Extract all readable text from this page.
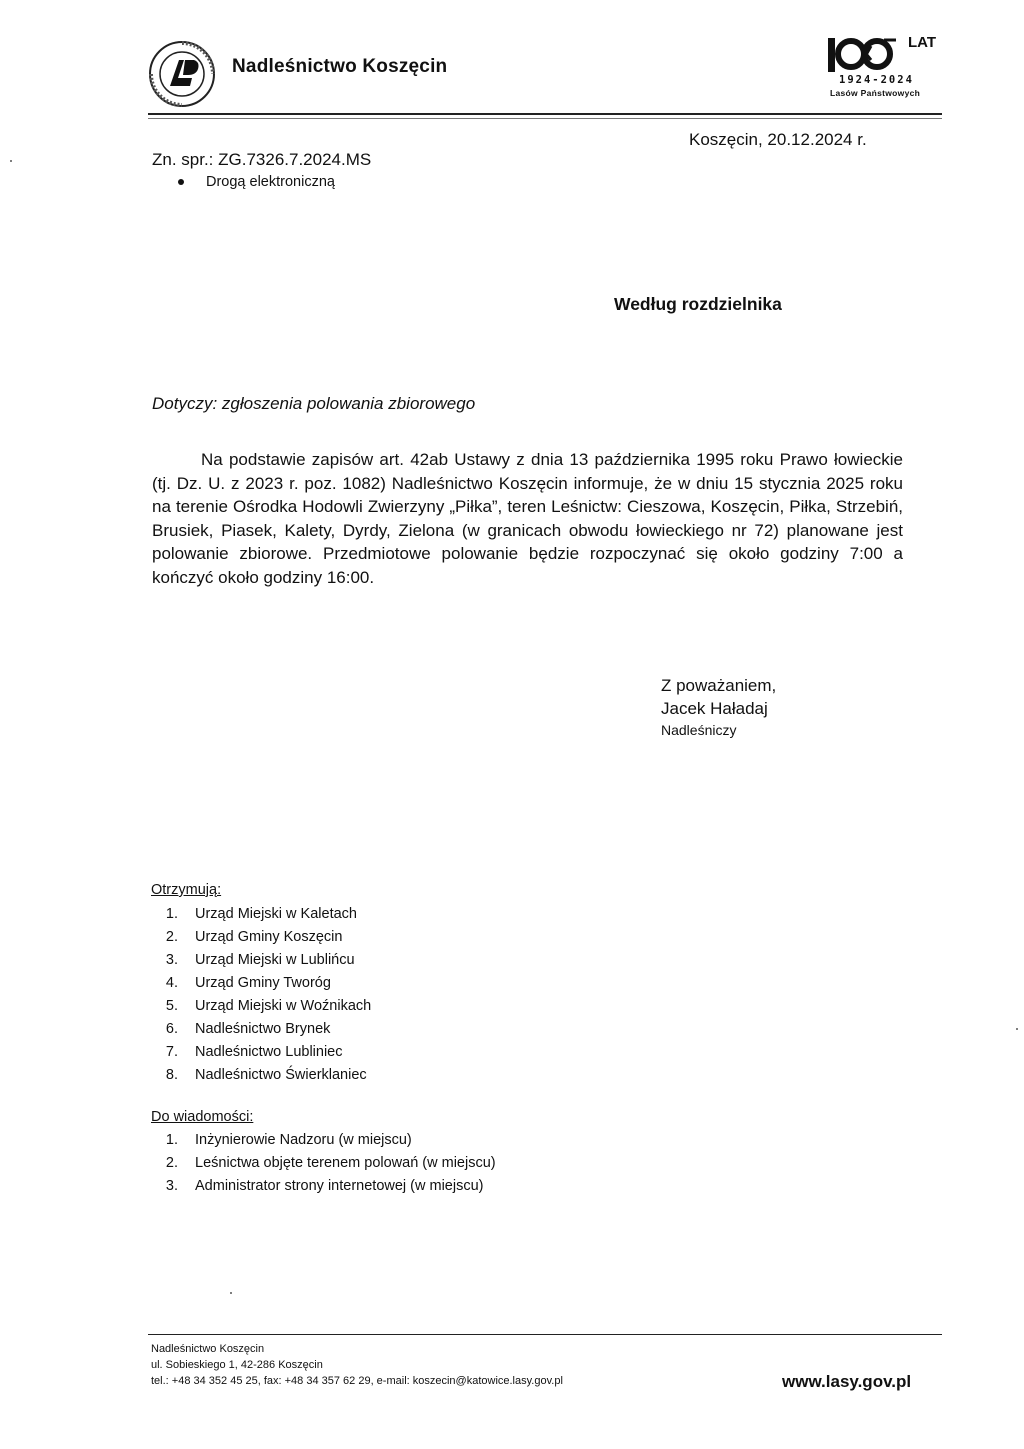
Nadleśnictwo Koszęcin
LAT
1924-2024
Lasów Państwowych
Koszęcin, 20.12.2024 r.
Zn. spr.: ZG.7326.7.2024.MS
Drogą elektroniczną
Według rozdzielnika
Dotyczy: zgłoszenia polowania zbiorowego
Na podstawie zapisów art. 42ab Ustawy z dnia 13 października 1995 roku Prawo łowieckie (tj. Dz. U. z 2023 r. poz. 1082) Nadleśnictwo Koszęcin informuje, że w dniu 15 stycznia 2025 roku na terenie Ośrodka Hodowli Zwierzyny „Piłka”, teren Leśnictw: Cieszowa, Koszęcin, Piłka, Strzebiń, Brusiek, Piasek, Kalety, Dyrdy, Zielona (w granicach obwodu łowieckiego nr 72) planowane jest polowanie zbiorowe. Przedmiotowe polowanie będzie rozpoczynać się około godziny 7:00 a kończyć około godziny 16:00.
Z poważaniem,
Jacek Haładaj
Nadleśniczy
Otrzymują:
1. Urząd Miejski w Kaletach
2. Urząd Gminy Koszęcin
3. Urząd Miejski w Lublińcu
4. Urząd Gminy Tworóg
5. Urząd Miejski w Woźnikach
6. Nadleśnictwo Brynek
7. Nadleśnictwo Lubliniec
8. Nadleśnictwo Świerklaniec
Do wiadomości:
1. Inżynierowie Nadzoru (w miejscu)
2. Leśnictwa objęte terenem polowań (w miejscu)
3. Administrator strony internetowej (w miejscu)
Nadleśnictwo Koszęcin
ul. Sobieskiego 1, 42-286 Koszęcin
tel.: +48 34 352 45 25, fax: +48 34 357 62 29, e-mail: koszecin@katowice.lasy.gov.pl	www.lasy.gov.pl
